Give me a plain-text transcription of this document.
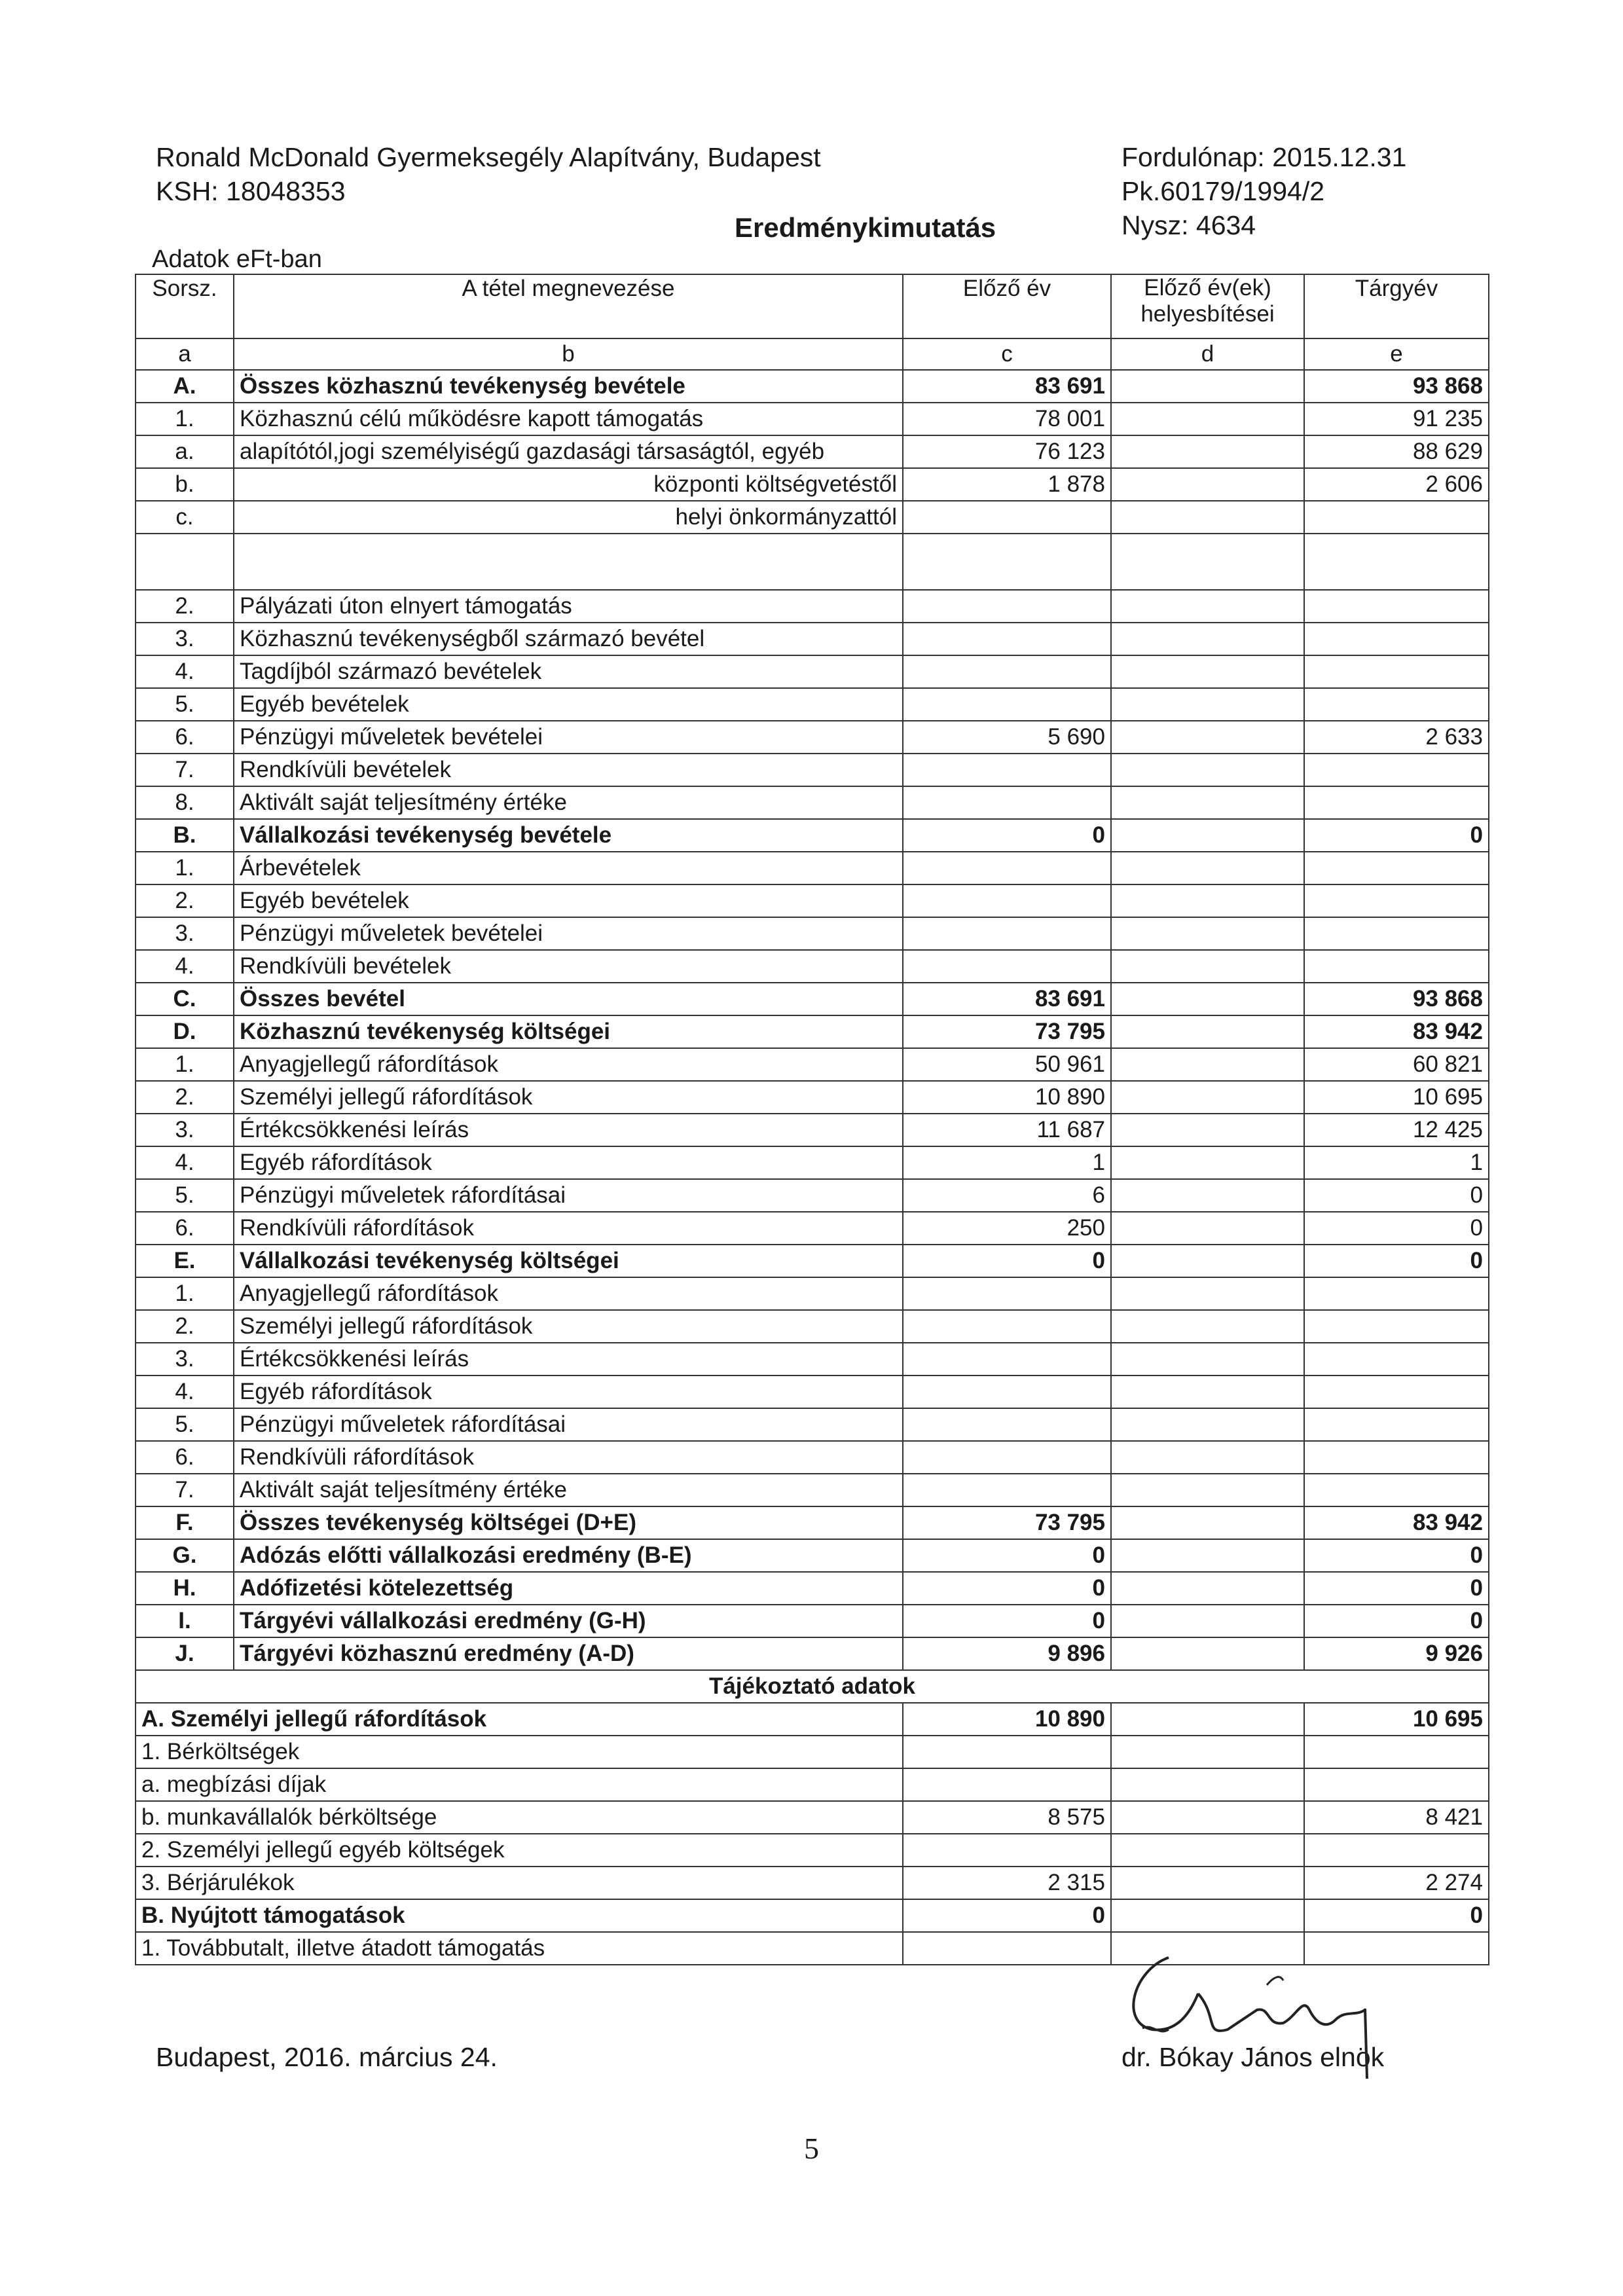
Ronald McDonald Gyermeksegély Alapítvány, Budapest
KSH: 18048353
Fordulónap: 2015.12.31
Pk.60179/1994/2
Nysz: 4634
Eredménykimutatás
Adatok eFt-ban
Sorsz.	A tétel megnevezése	Előző év	Előző év(ek) helyesbítései	Tárgyév
a	b	c	d	e
A.	Összes közhasznú tevékenység bevétele	83 691		93 868
1.	Közhasznú célú működésre kapott támogatás	78 001		91 235
a.	alapítótól,jogi személyiségű gazdasági társaságtól, egyéb	76 123		88 629
b.	központi költségvetéstől	1 878		2 606
c.	helyi önkormányzattól			

2.	Pályázati úton elnyert támogatás			
3.	Közhasznú tevékenységből származó bevétel			
4.	Tagdíjból származó bevételek			
5.	Egyéb bevételek			
6.	Pénzügyi műveletek bevételei	5 690		2 633
7.	Rendkívüli bevételek			
8.	Aktivált saját teljesítmény értéke			
B.	Vállalkozási tevékenység bevétele	0		0
1.	Árbevételek			
2.	Egyéb bevételek			
3.	Pénzügyi műveletek bevételei			
4.	Rendkívüli bevételek			
C.	Összes bevétel	83 691		93 868
D.	Közhasznú tevékenység költségei	73 795		83 942
1.	Anyagjellegű ráfordítások	50 961		60 821
2.	Személyi jellegű ráfordítások	10 890		10 695
3.	Értékcsökkenési leírás	11 687		12 425
4.	Egyéb ráfordítások	1		1
5.	Pénzügyi műveletek ráfordításai	6		0
6.	Rendkívüli ráfordítások	250		0
E.	Vállalkozási tevékenység költségei	0		0
1.	Anyagjellegű ráfordítások			
2.	Személyi jellegű ráfordítások			
3.	Értékcsökkenési leírás			
4.	Egyéb ráfordítások			
5.	Pénzügyi műveletek ráfordításai			
6.	Rendkívüli ráfordítások			
7.	Aktivált saját teljesítmény értéke			
F.	Összes tevékenység költségei (D+E)	73 795		83 942
G.	Adózás előtti vállalkozási eredmény (B-E)	0		0
H.	Adófizetési kötelezettség	0		0
I.	Tárgyévi vállalkozási eredmény (G-H)	0		0
J.	Tárgyévi közhasznú eredmény (A-D)	9 896		9 926
Tájékoztató adatok				
A. Személyi jellegű ráfordítások		10 890		10 695
1. Bérköltségek				
a. megbízási díjak				
b. munkavállalók bérköltsége		8 575		8 421
2. Személyi jellegű egyéb költségek				
3. Bérjárulékok		2 315		2 274
B. Nyújtott támogatások		0		0
1. Továbbutalt, illetve átadott támogatás				
Budapest, 2016. március 24.	dr. Bókay János elnök
5
